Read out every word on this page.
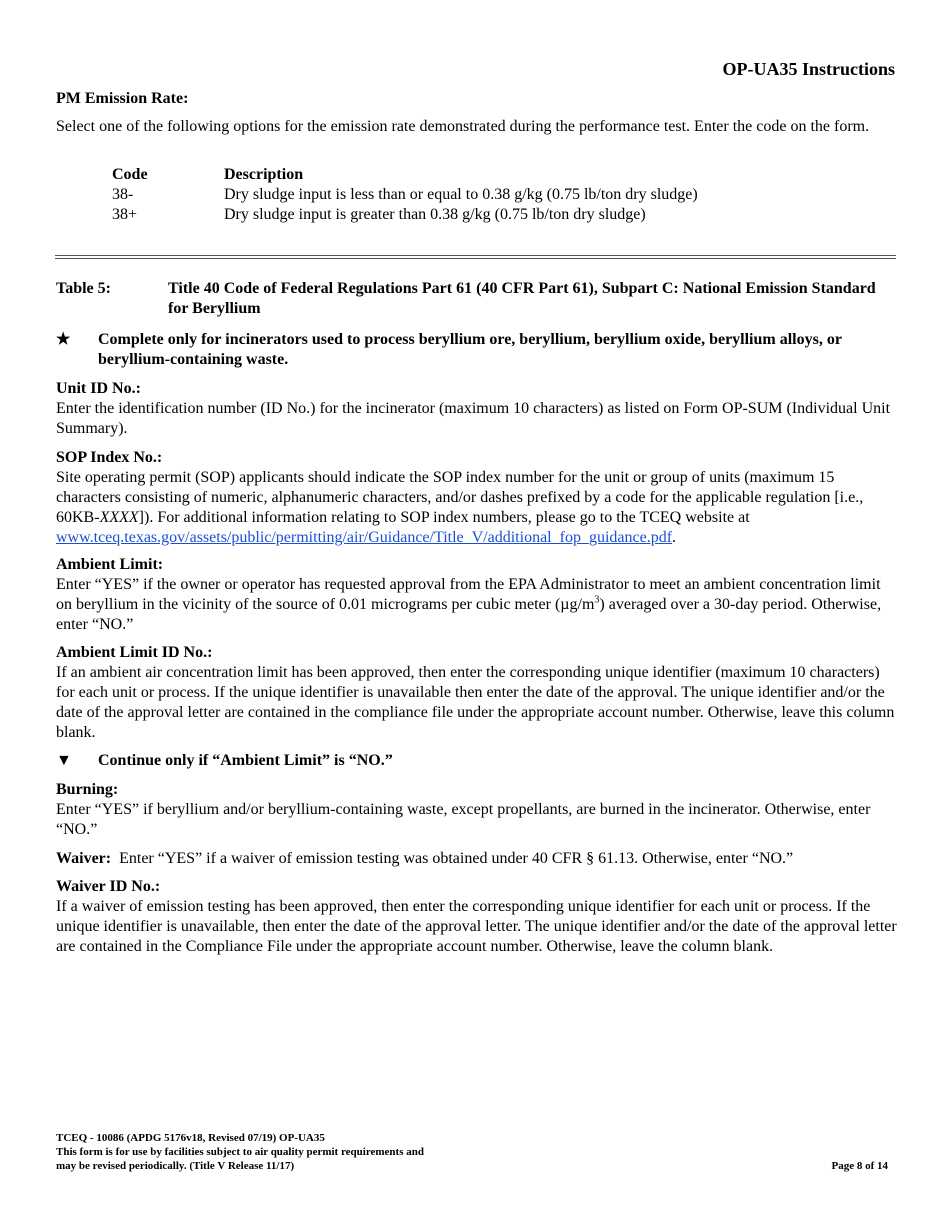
OP-UA35 Instructions
PM Emission Rate:

Select one of the following options for the emission rate demonstrated during the performance test. Enter the code on the form.

Code	Description
38-	Dry sludge input is less than or equal to 0.38 g/kg (0.75 lb/ton dry sludge)
38+	Dry sludge input is greater than 0.38 g/kg (0.75 lb/ton dry sludge)
Table 5:	Title 40 Code of Federal Regulations Part 61 (40 CFR Part 61), Subpart C: National Emission Standard for Beryllium
★	Complete only for incinerators used to process beryllium ore, beryllium, beryllium oxide, beryllium alloys, or beryllium-containing waste.
Unit ID No.:

Enter the identification number (ID No.) for the incinerator (maximum 10 characters) as listed on Form OP-SUM (Individual Unit Summary).

SOP Index No.:

Site operating permit (SOP) applicants should indicate the SOP index number for the unit or group of units (maximum 15 characters consisting of numeric, alphanumeric characters, and/or dashes prefixed by a code for the applicable regulation [i.e., 60KB-XXXX]). For additional information relating to SOP index numbers, please go to the TCEQ website at www.tceq.texas.gov/assets/public/permitting/air/Guidance/Title_V/additional_fop_guidance.pdf.

Ambient Limit:

Enter “YES” if the owner or operator has requested approval from the EPA Administrator to meet an ambient concentration limit on beryllium in the vicinity of the source of 0.01 micrograms per cubic meter $(\mu g/m^3)$ averaged over a 30-day period. Otherwise, enter “NO.”

Ambient Limit ID No.:

If an ambient air concentration limit has been approved, then enter the corresponding unique identifier (maximum 10 characters) for each unit or process. If the unique identifier is unavailable then enter the date of the approval. The unique identifier and/or the date of the approval letter are contained in the compliance file under the appropriate account number. Otherwise, leave this column blank.

▼	Continue only if “Ambient Limit” is “NO.”
Burning:

Enter “YES” if beryllium and/or beryllium-containing waste, except propellants, are burned in the incinerator. Otherwise, enter “NO.”

Waiver: Enter “YES” if a waiver of emission testing was obtained under 40 CFR § 61.13. Otherwise, enter “NO.”

Waiver ID No.:

If a waiver of emission testing has been approved, then enter the corresponding unique identifier for each unit or process. If the unique identifier is unavailable, then enter the date of the approval letter. The unique identifier and/or the date of the approval letter are contained in the Compliance File under the appropriate account number. Otherwise, leave the column blank.

TCEQ - 10086 (APDG 5176v18, Revised 07/19) OP-UA35
This form is for use by facilities subject to air quality permit requirements and
may be revised periodically. (Title V Release 11/17)	Page 8 of 14
